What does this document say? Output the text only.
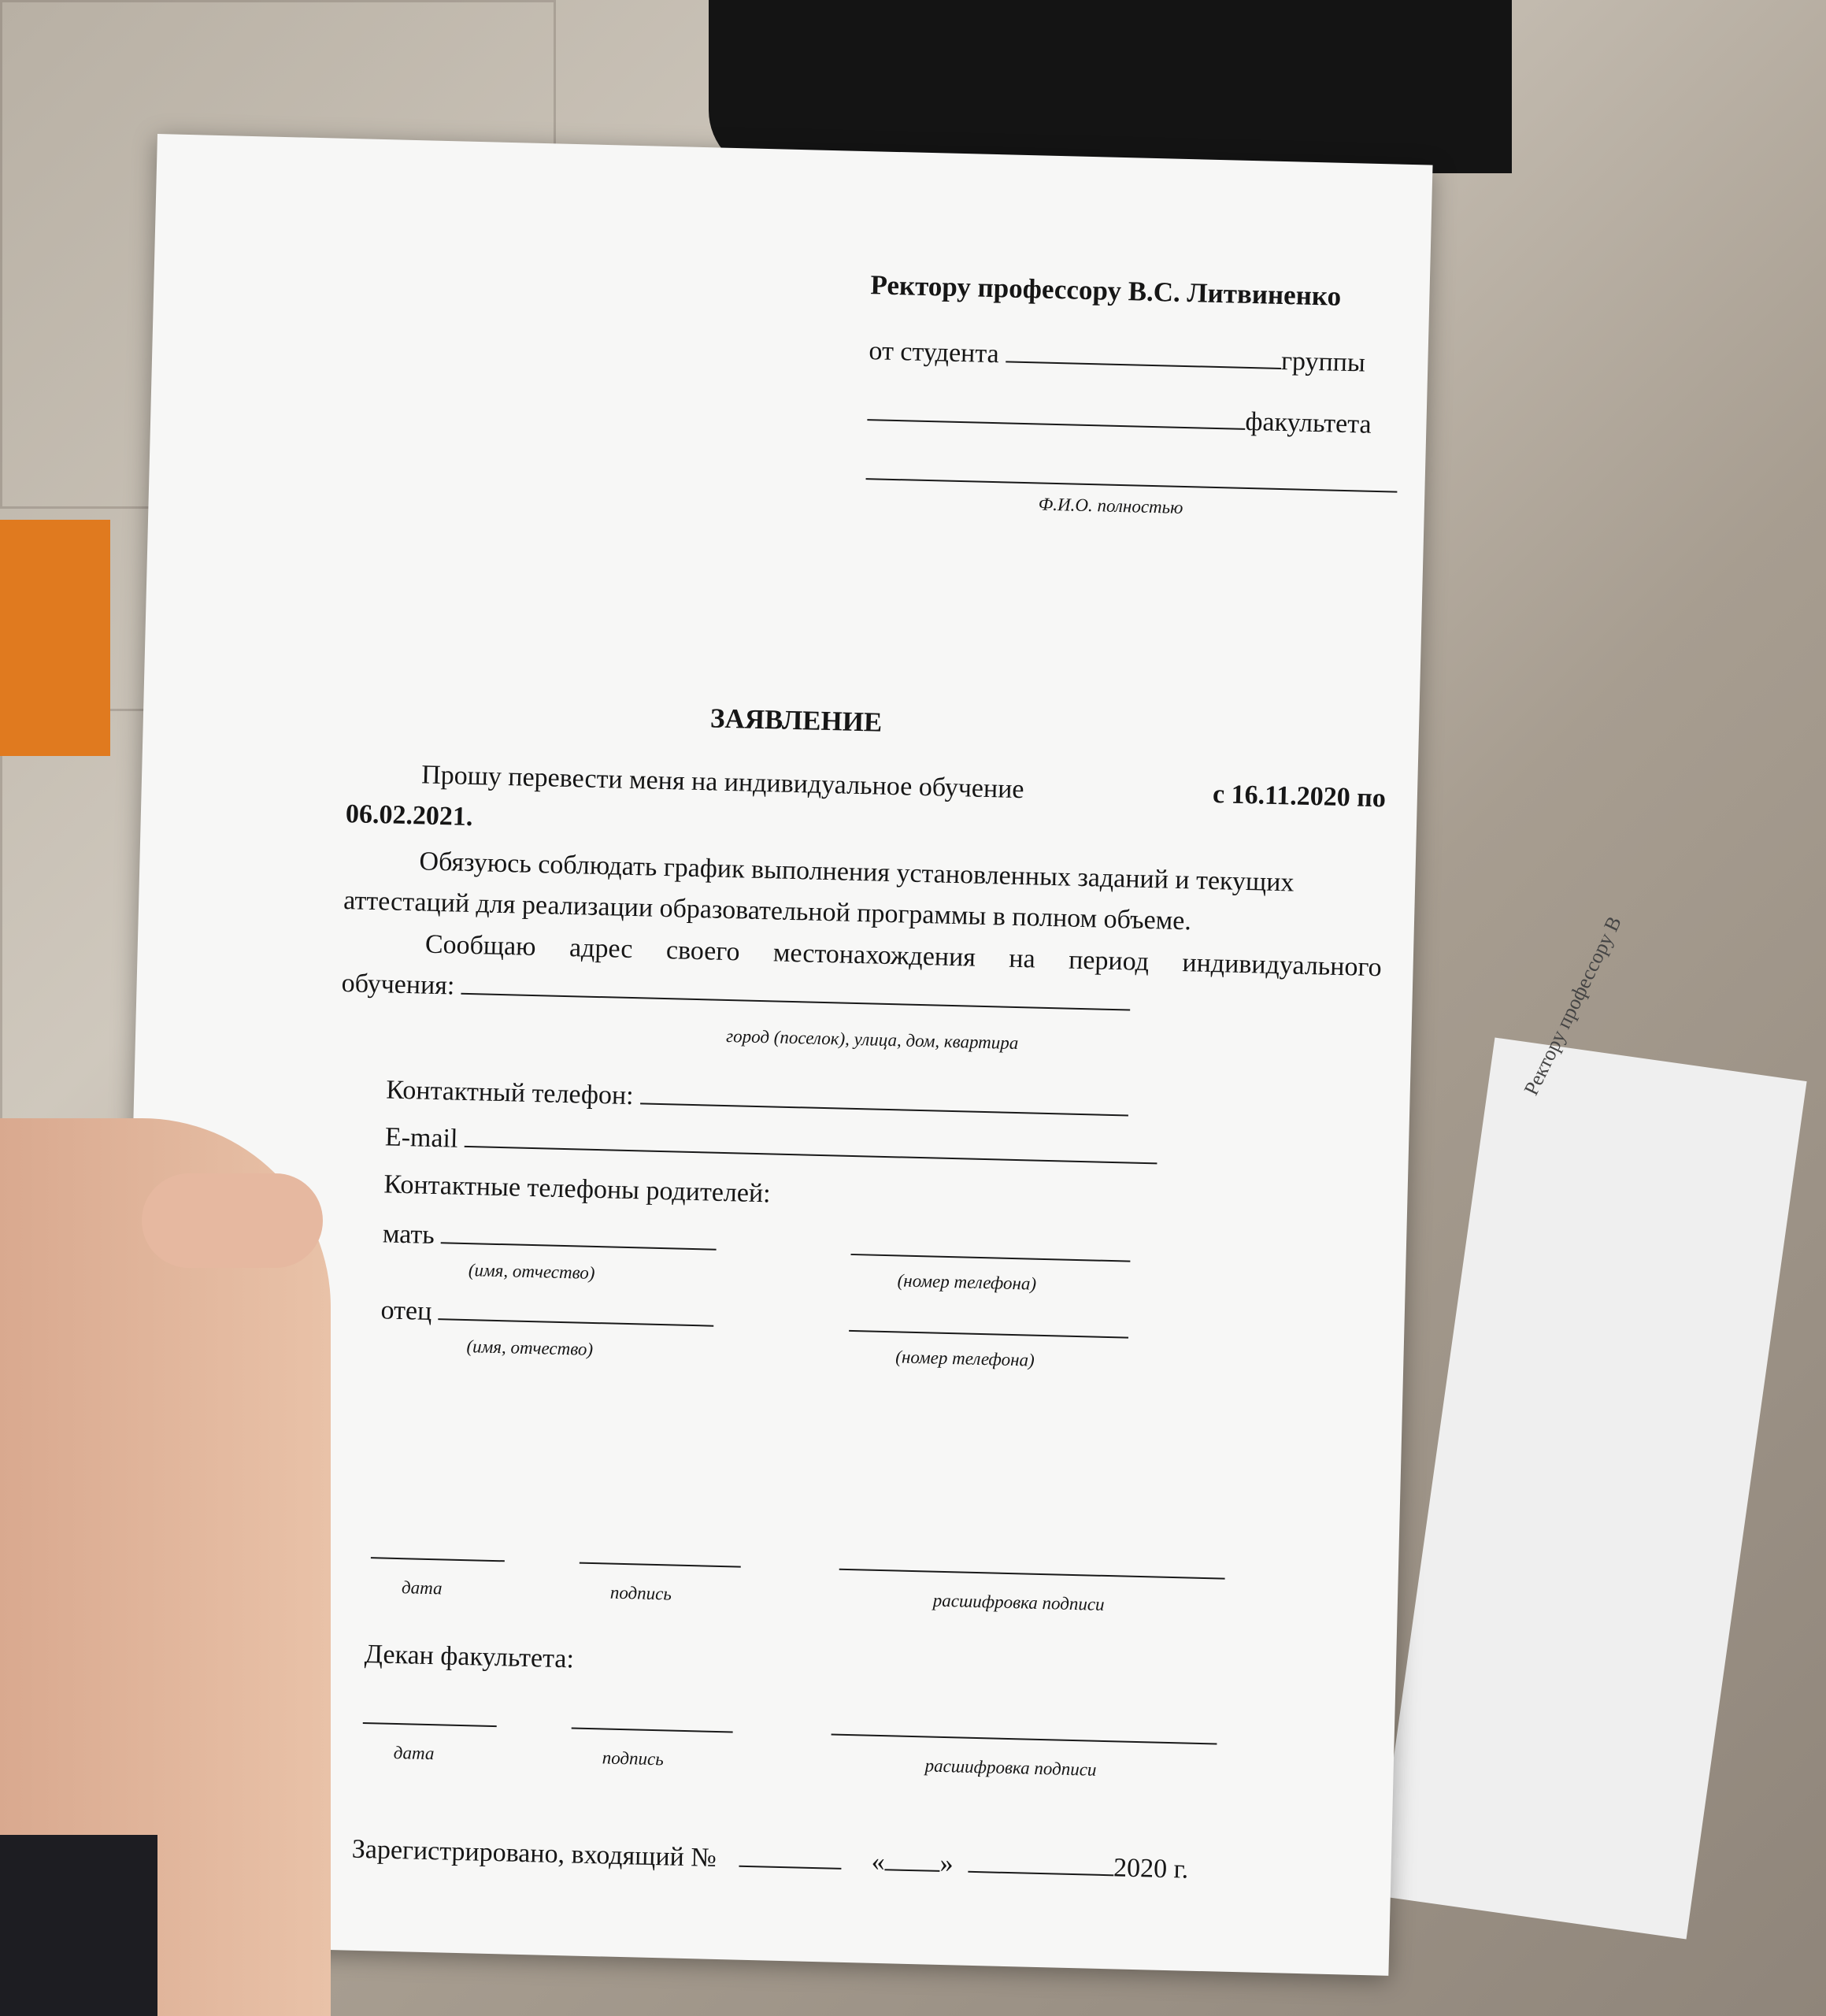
Ректору профессору В
Ректору профессору В.С. Литвиненко
от студента	группы
факультета
Ф.И.О. полностью
ЗАЯВЛЕНИЕ
Прошу перевести меня на индивидуальное обучение	с 16.11.2020 по
06.02.2021.
Обязуюсь соблюдать график выполнения установленных заданий и текущих
аттестаций для реализации образовательной программы в полном объеме.
Сообщаю адрес своего местонахождения на период индивидуального
обучения:
город (поселок), улица, дом, квартира
Контактный телефон:
E-mail
Контактные телефоны родителей:
мать
(имя, отчество)	(номер телефона)
отец
(имя, отчество)	(номер телефона)
дата	подпись	расшифровка подписи
Декан факультета:
дата	подпись	расшифровка подписи
Зарегистрировано, входящий №	« »	2020 г.
